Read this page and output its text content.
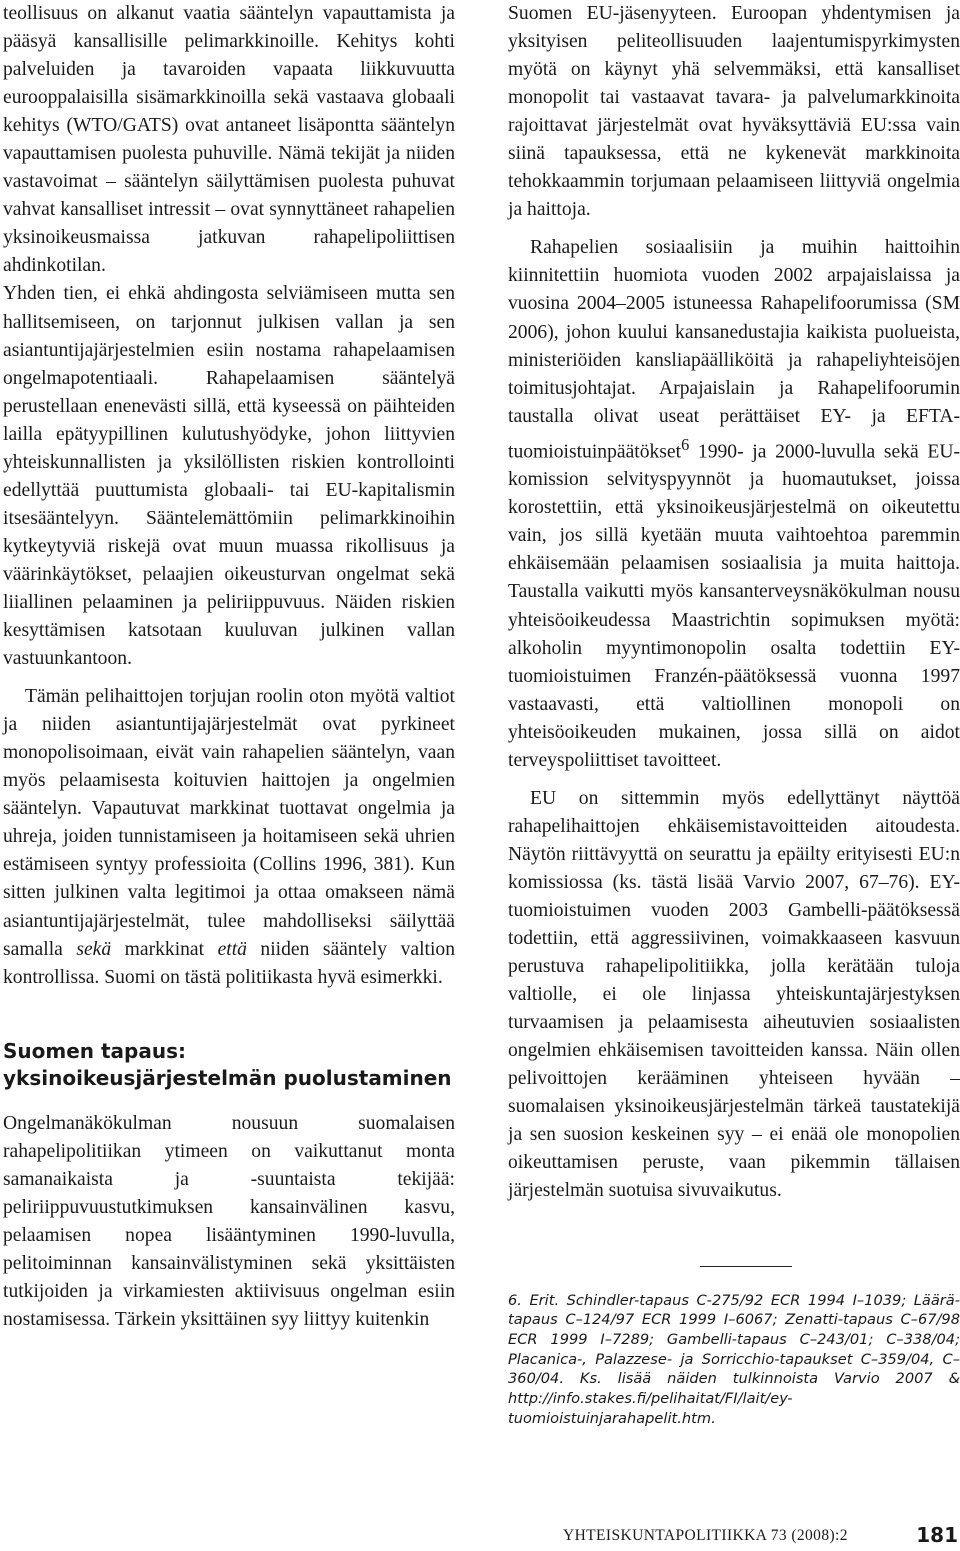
teollisuus on alkanut vaatia sääntelyn vapauttamista ja pääsyä kansallisille pelimarkkinoille. Kehitys kohti palveluiden ja tavaroiden vapaata liikkuvuutta eurooppalaisilla sisämarkkinoilla sekä vastaava globaali kehitys (WTO/GATS) ovat antaneet lisäpontta sääntelyn vapauttamisen puolesta puhuville. Nämä tekijät ja niiden vastavoimat – sääntelyn säilyttämisen puolesta puhuvat vahvat kansalliset intressit – ovat synnyttäneet rahapelien yksinoikeusmaissa jatkuvan rahapelipoliittisen ahdinkotilan.

Yhden tien, ei ehkä ahdingosta selviämiseen mutta sen hallitsemiseen, on tarjonnut julkisen vallan ja sen asiantuntijajärjestelmien esiin nostama rahapelaamisen ongelmapotentiaali. Rahapelaamisen sääntelyä perustellaan enenevästi sillä, että kyseessä on päihteiden lailla epätyypillinen kulutushyödyke, johon liittyvien yhteiskunnallisten ja yksilöllisten riskien kontrollointi edellyttää puuttumista globaali- tai EU-kapitalismin itsesääntelyyn. Sääntelemättömiin pelimarkkinoihin kytkeytyviä riskejä ovat muun muassa rikollisuus ja väärinkäytökset, pelaajien oikeusturvan ongelmat sekä liiallinen pelaaminen ja peliriippuvuus. Näiden riskien kesyttämisen katsotaan kuuluvan julkinen vallan vastuunkantoon.

Tämän pelihaittojen torjujan roolin oton myötä valtiot ja niiden asiantuntijajärjestelmät ovat pyrkineet monopolisoimaan, eivät vain rahapelien sääntelyn, vaan myös pelaamisesta koituvien haittojen ja ongelmien sääntelyn. Vapautuvat markkinat tuottavat ongelmia ja uhreja, joiden tunnistamiseen ja hoitamiseen sekä uhrien estämiseen syntyy professioita (Collins 1996, 381). Kun sitten julkinen valta legitimoi ja ottaa omakseen nämä asiantuntijajärjestelmät, tulee mahdolliseksi säilyttää samalla sekä markkinat että niiden sääntely valtion kontrollissa. Suomi on tästä politiikasta hyvä esimerkki.

Suomen tapaus: yksinoikeusjärjestelmän puolustaminen

Ongelmanäkökulman nousuun suomalaisen rahapelipolitiikan ytimeen on vaikuttanut monta samanaikaista ja -suuntaista tekijää: peliriippuvuustutkimuksen kansainvälinen kasvu, pelaamisen nopea lisääntyminen 1990-luvulla, pelitoiminnan kansainvälistyminen sekä yksittäisten tutkijoiden ja virkamiesten aktiivisuus ongelman esiin nostamisessa. Tärkein yksittäinen syy liittyy kuitenkin

Suomen EU-jäsenyyteen. Euroopan yhdentymisen ja yksityisen peliteollisuuden laajentumispyrkimysten myötä on käynyt yhä selvemmäksi, että kansalliset monopolit tai vastaavat tavara- ja palvelumarkkinoita rajoittavat järjestelmät ovat hyväksyttäviä EU:ssa vain siinä tapauksessa, että ne kykenevät markkinoita tehokkaammin torjumaan pelaamiseen liittyviä ongelmia ja haittoja.

Rahapelien sosiaalisiin ja muihin haittoihin kiinnitettiin huomiota vuoden 2002 arpajaislaissa ja vuosina 2004–2005 istuneessa Rahapelifoorumissa (SM 2006), johon kuului kansanedustajia kaikista puolueista, ministeriöiden kansliapäälliköitä ja rahapeliyhteisöjen toimitusjohtajat. Arpajaislain ja Rahapelifoorumin taustalla olivat useat perättäiset EY- ja EFTA-tuomioistuinpäätökset$^6$ 1990- ja 2000-luvulla sekä EU-komission selvityspyynnöt ja huomautukset, joissa korostettiin, että yksinoikeusjärjestelmä on oikeutettu vain, jos sillä kyetään muuta vaihtoehtoa paremmin ehkäisemään pelaamisen sosiaalisia ja muita haittoja. Taustalla vaikutti myös kansanterveysnäkökulman nousu yhteisöoikeudessa Maastrichtin sopimuksen myötä: alkoholin myyntimonopolin osalta todettiin EY-tuomioistuimen Franzén-päätöksessä vuonna 1997 vastaavasti, että valtiollinen monopoli on yhteisöoikeuden mukainen, jossa sillä on aidot terveyspoliittiset tavoitteet.

EU on sittemmin myös edellyttänyt näyttöä rahapelihaittojen ehkäisemistavoitteiden aitoudesta. Näytön riittävyyttä on seurattu ja epäilty erityisesti EU:n komissiossa (ks. tästä lisää Varvio 2007, 67–76). EY-tuomioistuimen vuoden 2003 Gambelli-päätöksessä todettiin, että aggressiivinen, voimakkaaseen kasvuun perustuva rahapelipolitiikka, jolla kerätään tuloja valtiolle, ei ole linjassa yhteiskuntajärjestyksen turvaamisen ja pelaamisesta aiheutuvien sosiaalisten ongelmien ehkäisemisen tavoitteiden kanssa. Näin ollen pelivoittojen kerääminen yhteiseen hyvään – suomalaisen yksinoikeusjärjestelmän tärkeä taustatekijä ja sen suosion keskeinen syy – ei enää ole monopolien oikeuttamisen peruste, vaan pikemmin tällaisen järjestelmän suotuisa sivuvaikutus.

6. Erit. Schindler-tapaus C-275/92 ECR 1994 I–1039; Läärä-tapaus C–124/97 ECR 1999 I–6067; Zenatti-tapaus C–67/98 ECR 1999 I–7289; Gambelli-tapaus C–243/01; C–338/04; Placanica-, Palazzese- ja Sorricchio-tapaukset C–359/04, C–360/04. Ks. lisää näiden tulkinnoista Varvio 2007 & http://info.stakes.fi/pelihaitat/FI/lait/ey-tuomioistuinjarahapelit.htm.

YHTEISKUNTAPOLITIIKKA 73 (2008):2	181
